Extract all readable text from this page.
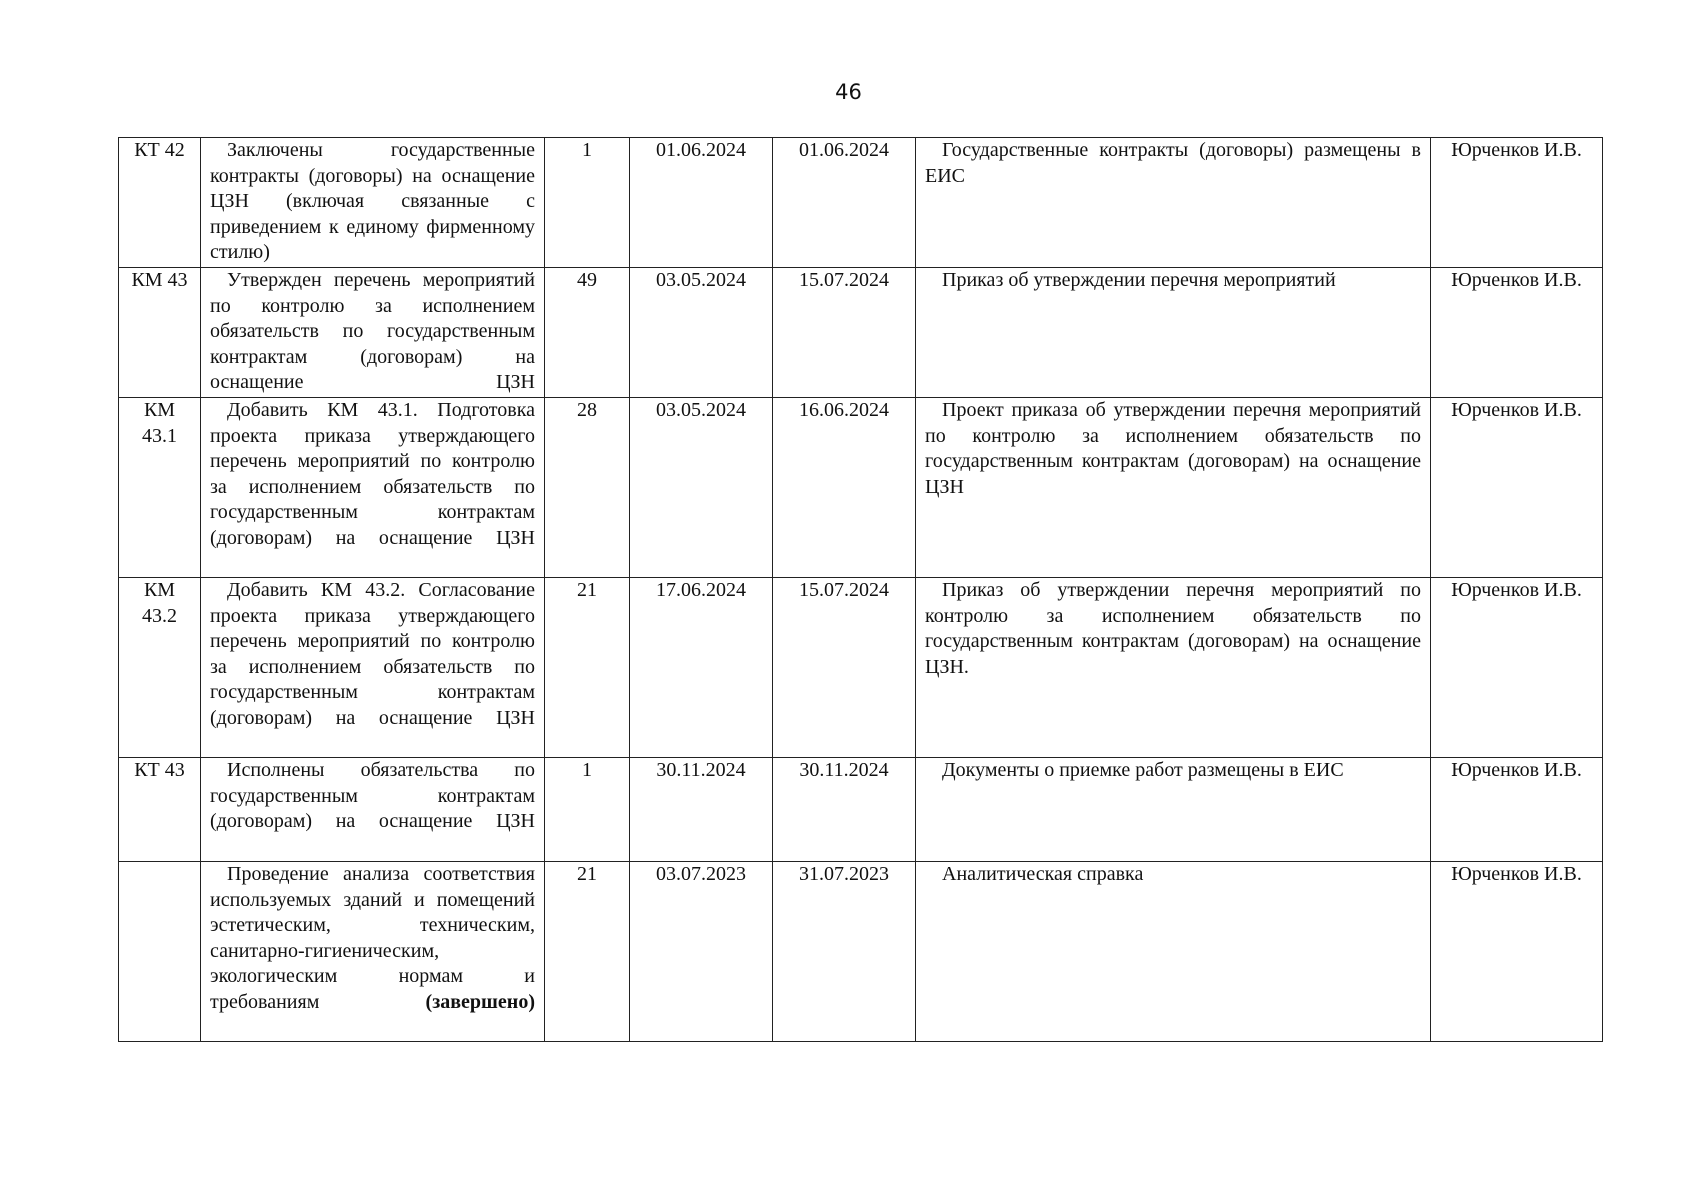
46
КТ 42	Заключены государственные контракты (договоры) на оснащение ЦЗН (включая связанные с приведением к единому фирменному стилю)	1	01.06.2024	01.06.2024	Государственные контракты (договоры) размещены в ЕИС	Юрченков И.В.
КМ 43	Утвержден перечень мероприятий по контролю за исполнением обязательств по государственным контрактам (договорам) на оснащение ЦЗН	49	03.05.2024	15.07.2024	Приказ об утверждении перечня мероприятий	Юрченков И.В.
КМ 43.1	Добавить КМ 43.1. Подготовка проекта приказа утверждающего перечень мероприятий по контролю за исполнением обязательств по государственным контрактам (договорам) на оснащение ЦЗН	28	03.05.2024	16.06.2024	Проект приказа об утверждении перечня мероприятий по контролю за исполнением обязательств по государственным контрактам (договорам) на оснащение ЦЗН	Юрченков И.В.
КМ 43.2	Добавить КМ 43.2. Согласование проекта приказа утверждающего перечень мероприятий по контролю за исполнением обязательств по государственным контрактам (договорам) на оснащение ЦЗН	21	17.06.2024	15.07.2024	Приказ об утверждении перечня мероприятий по контролю за исполнением обязательств по государственным контрактам (договорам) на оснащение ЦЗН.	Юрченков И.В.
КТ 43	Исполнены обязательства по государственным контрактам (договорам) на оснащение ЦЗН	1	30.11.2024	30.11.2024	Документы о приемке работ размещены в ЕИС	Юрченков И.В.
	Проведение анализа соответствия используемых зданий и помещений эстетическим, техническим, санитарно-гигиеническим, экологическим нормам и требованиям (завершено)	21	03.07.2023	31.07.2023	Аналитическая справка	Юрченков И.В.
